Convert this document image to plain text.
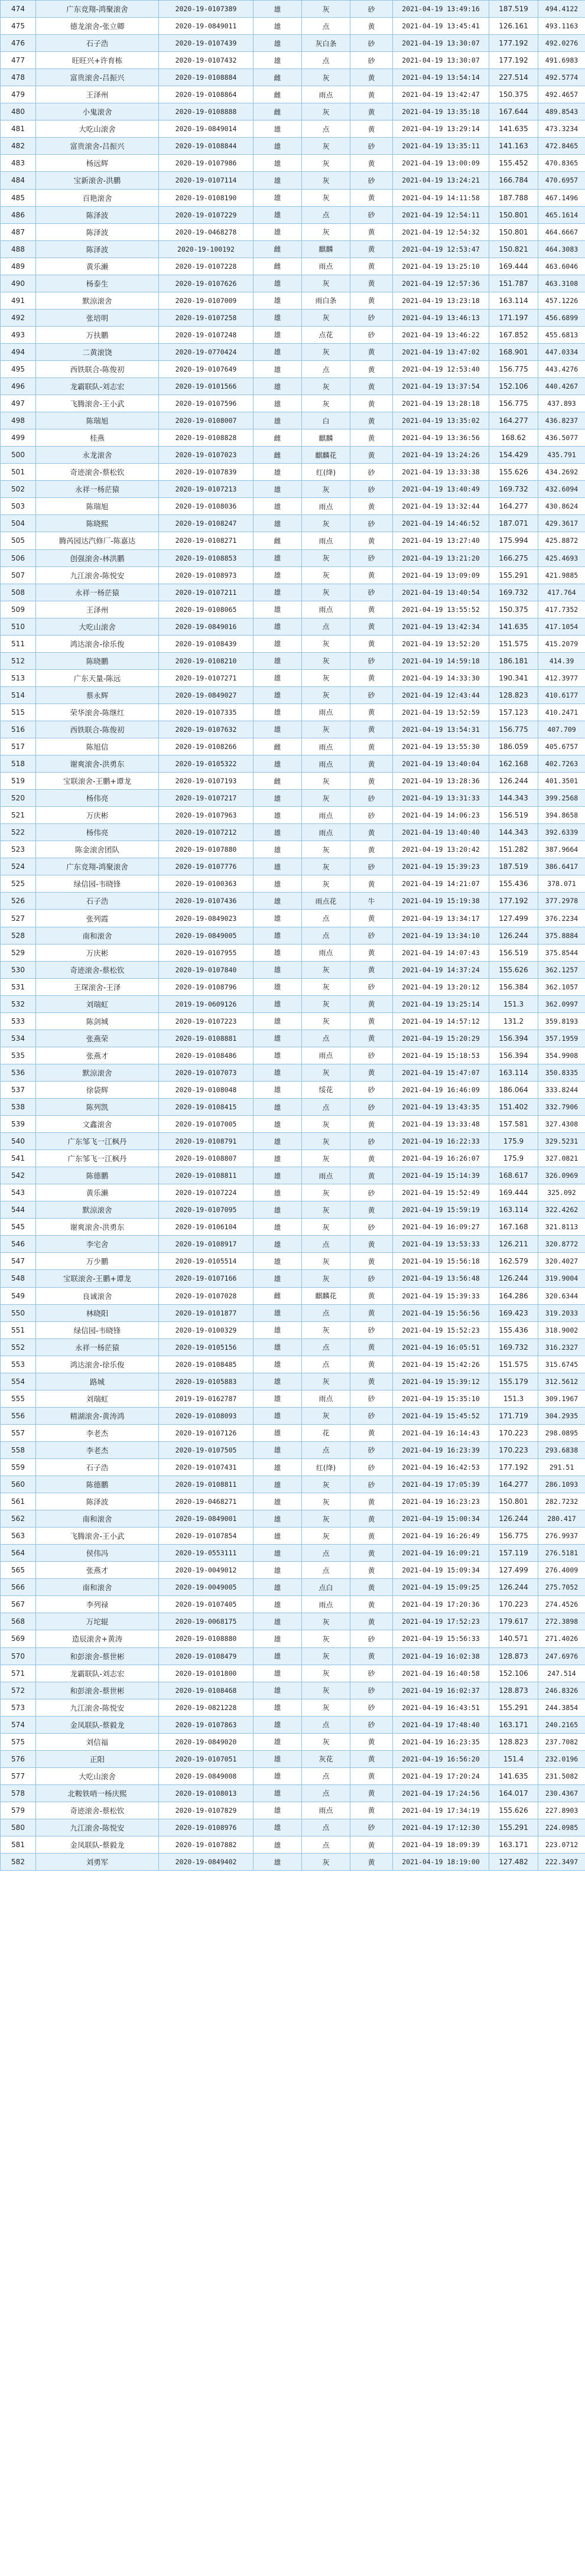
474	广东竞翔-鸿聚滚舍	2020-19-0107389	雄	灰	砂	2021-04-19 13:49:16	187.519	494.4122
475	德龙滚舍-张立卿	2020-19-0849011	雄	点	黄	2021-04-19 13:45:41	126.161	493.1163
476	石子浩	2020-19-0107439	雄	灰白条	砂	2021-04-19 13:30:07	177.192	492.0276
477	旺旺兴+许育栋	2020-19-0107432	雄	点	砂	2021-04-19 13:30:07	177.192	491.6983
478	富贵滚舍-吕振兴	2020-19-0108884	雌	灰	黄	2021-04-19 13:54:14	227.514	492.5774
479	王泽州	2020-19-0108864	雌	雨点	黄	2021-04-19 13:42:47	150.375	492.4657
480	小鬼滚舍	2020-19-0108888	雌	灰	黄	2021-04-19 13:35:18	167.644	489.8543
481	大吃山滚舍	2020-19-0849014	雄	点	黄	2021-04-19 13:29:14	141.635	473.3234
482	富贵滚舍-吕振兴	2020-19-0108844	雄	灰	砂	2021-04-19 13:35:11	141.163	472.8465
483	杨远辉	2020-19-0107986	雄	灰	黄	2021-04-19 13:00:09	155.452	470.8365
484	宝新滚舍-洪鹏	2020-19-0107114	雄	灰	砂	2021-04-19 13:24:21	166.784	470.6957
485	百艳滚舍	2020-19-0108190	雄	灰	黄	2021-04-19 14:11:58	187.788	467.1496
486	陈泽波	2020-19-0107229	雄	点	砂	2021-04-19 12:54:11	150.801	465.1614
487	陈泽波	2020-19-0468278	雄	灰	黄	2021-04-19 12:54:32	150.801	464.6667
488	陈泽波	2020-19-100192	雌	麒麟	黄	2021-04-19 12:53:47	150.821	464.3083
489	黄乐濑	2020-19-0107228	雌	雨点	黄	2021-04-19 13:25:10	169.444	463.6046
490	杨泰生	2020-19-0107626	雄	灰	黄	2021-04-19 12:57:36	151.787	463.3108
491	默涼滚舍	2020-19-0107009	雄	雨白条	黄	2021-04-19 13:23:18	163.114	457.1226
492	张培明	2020-19-0107258	雄	灰	砂	2021-04-19 13:46:13	171.197	456.6899
493	万扶鹏	2020-19-0107248	雄	点花	砂	2021-04-19 13:46:22	167.852	455.6813
494	二黄滚饶	2020-19-0770424	雄	灰	黄	2021-04-19 13:47:02	168.901	447.0334
495	西铁联合-陈俊初	2020-19-0107649	雄	点	黄	2021-04-19 12:53:40	156.775	443.4276
496	龙霸联队-刘志宏	2020-19-0101566	雄	灰	黄	2021-04-19 13:37:54	152.106	440.4267
497	飞腾滚舍-王小武	2020-19-0107596	雄	灰	黄	2021-04-19 13:28:18	156.775	437.893
498	陈瑞旭	2020-19-0108007	雄	白	黄	2021-04-19 13:35:02	164.277	436.8237
499	桂燕	2020-19-0108828	雌	麒麟	黄	2021-04-19 13:36:56	168.62	436.5077
500	永龙滚舍	2020-19-0107023	雌	麒麟花	黄	2021-04-19 13:24:26	154.429	435.791
501	奇迹滚舍-蔡松钦	2020-19-0107839	雄	红(绛)	砂	2021-04-19 13:33:38	155.626	434.2692
502	永祥一杨茫猿	2020-19-0107213	雄	灰	砂	2021-04-19 13:40:49	169.732	432.6094
503	陈瑞旭	2020-19-0108036	雄	雨点	黄	2021-04-19 13:32:44	164.277	430.8624
504	陈晓熙	2020-19-0108247	雄	灰	砂	2021-04-19 14:46:52	187.071	429.3617
505	腾芮园达汽修厂-陈嘉达	2020-19-0108271	雌	雨点	黄	2021-04-19 13:27:40	175.994	425.8872
506	创强滚舍-林洪鹏	2020-19-0108853	雄	灰	砂	2021-04-19 13:21:20	166.275	425.4693
507	九江滚舍-陈悦安	2020-19-0108973	雄	灰	黄	2021-04-19 13:09:09	155.291	421.9885
508	永祥一杨茫猿	2020-19-0107211	雄	灰	砂	2021-04-19 13:40:54	169.732	417.764
509	王泽州	2020-19-0108065	雄	雨点	黄	2021-04-19 13:55:52	150.375	417.7352
510	大吃山滚舍	2020-19-0849016	雄	点	黄	2021-04-19 13:42:34	141.635	417.1054
511	鸿达滚舍-徐乐俊	2020-19-0108439	雄	灰	黄	2021-04-19 13:52:20	151.575	415.2079
512	陈晓鹏	2020-19-0108210	雄	灰	砂	2021-04-19 14:59:18	186.181	414.39
513	广东天量-陈远	2020-19-0107271	雄	灰	黄	2021-04-19 14:33:30	190.341	412.3977
514	蔡永辉	2020-19-0849027	雄	灰	砂	2021-04-19 12:43:44	128.823	410.6177
515	荣华滚舍-陈继红	2020-19-0107335	雄	雨点	黄	2021-04-19 13:52:59	157.123	410.2471
516	西铁联合-陈俊初	2020-19-0107632	雄	灰	黄	2021-04-19 13:54:31	156.775	407.709
517	陈旭信	2020-19-0108266	雌	雨点	黄	2021-04-19 13:55:30	186.059	405.6757
518	谢爽滚舍-洪勇东	2020-19-0105322	雄	雨点	黄	2021-04-19 13:40:04	162.168	402.7263
519	宝联滚舍-王鹏+谭龙	2020-19-0107193	雌	灰	黄	2021-04-19 13:28:36	126.244	401.3501
520	杨伟亮	2020-19-0107217	雄	灰	砂	2021-04-19 13:31:33	144.343	399.2568
521	万庆彬	2020-19-0107963	雄	雨点	砂	2021-04-19 14:06:23	156.519	394.8658
522	杨伟亮	2020-19-0107212	雄	雨点	黄	2021-04-19 13:40:40	144.343	392.6339
523	陈金滚舍团队	2020-19-0107880	雄	灰	黄	2021-04-19 13:20:42	151.282	387.9664
524	广东竞翔-鸿聚滚舍	2020-19-0107776	雄	灰	砂	2021-04-19 15:39:23	187.519	386.6417
525	绿信园-韦晓锋	2020-19-0100363	雄	灰	黄	2021-04-19 14:21:07	155.436	378.071
526	石子浩	2020-19-0107436	雄	雨点花	牛	2021-04-19 15:19:38	177.192	377.2978
527	张列霞	2020-19-0849023	雄	点	黄	2021-04-19 13:34:17	127.499	376.2234
528	南和滚舍	2020-19-0849005	雄	点	砂	2021-04-19 13:34:10	126.244	375.8884
529	万庆彬	2020-19-0107955	雄	雨点	黄	2021-04-19 14:07:43	156.519	375.8544
530	奇迹滚舍-蔡松钦	2020-19-0107840	雄	灰	黄	2021-04-19 14:37:24	155.626	362.1257
531	王琛滚舍-王泽	2020-19-0108796	雄	灰	砂	2021-04-19 13:20:12	156.384	362.1057
532	刘瑞虹	2019-19-0609126	雄	灰	黄	2021-04-19 13:25:14	151.3	362.0997
533	陈剑城	2020-19-0107223	雄	灰	黄	2021-04-19 14:57:12	131.2	359.8193
534	张燕荣	2020-19-0108881	雄	点	黄	2021-04-19 15:20:29	156.394	357.1959
535	张燕才	2020-19-0108486	雄	雨点	砂	2021-04-19 15:18:53	156.394	354.9908
536	默涼滚舍	2020-19-0107073	雄	灰	黄	2021-04-19 15:47:07	163.114	350.8335
537	徐袋辉	2020-19-0108048	雄	绥花	砂	2021-04-19 16:46:09	186.064	333.8244
538	陈列凯	2020-19-0108415	雄	点	砂	2021-04-19 13:43:35	151.402	332.7906
539	文鑫滚舍	2020-19-0107005	雄	灰	黄	2021-04-19 13:33:48	157.581	327.4308
540	广东邹飞一江枫丹	2020-19-0108791	雄	灰	砂	2021-04-19 16:22:33	175.9	329.5231
541	广东邹飞一江枫丹	2020-19-0108807	雄	灰	黄	2021-04-19 16:26:07	175.9	327.0821
542	陈德鹏	2020-19-0108811	雄	雨点	黄	2021-04-19 15:14:39	168.617	326.0969
543	黄乐濑	2020-19-0107224	雄	灰	砂	2021-04-19 15:52:49	169.444	325.092
544	默涼滚舍	2020-19-0107095	雄	灰	黄	2021-04-19 15:59:19	163.114	322.4262
545	谢爽滚舍-洪勇东	2020-19-0106104	雄	灰	砂	2021-04-19 16:09:27	167.168	321.8113
546	李宅舍	2020-19-0108917	雄	点	黄	2021-04-19 13:53:33	126.211	320.8772
547	万少鹏	2020-19-0105514	雄	灰	黄	2021-04-19 15:56:18	162.579	320.4027
548	宝联滚舍-王鹏+谭龙	2020-19-0107166	雄	灰	砂	2021-04-19 13:56:48	126.244	319.9004
549	良诚滚舍	2020-19-0107028	雌	麒麟花	黄	2021-04-19 15:39:33	164.286	320.6344
550	林晓阳	2020-19-0101877	雄	点	黄	2021-04-19 15:56:56	169.423	319.2033
551	绿信园-韦晓锋	2020-19-0100329	雄	灰	砂	2021-04-19 15:52:23	155.436	318.9002
552	永祥一杨茫猿	2020-19-0105156	雄	点	黄	2021-04-19 16:05:51	169.732	316.2327
553	鸿达滚舍-徐乐俊	2020-19-0108485	雄	点	黄	2021-04-19 15:42:26	151.575	315.6745
554	路城	2020-19-0105883	雄	灰	黄	2021-04-19 15:39:12	155.179	312.5612
555	刘瑞虹	2019-19-0162787	雄	雨点	砂	2021-04-19 15:35:10	151.3	309.1967
556	精湖滚舍-黄涛鸿	2020-19-0108093	雄	灰	砂	2021-04-19 15:45:52	171.719	304.2935
557	李老杰	2020-19-0107126	雄	花	黄	2021-04-19 16:14:43	170.223	298.0895
558	李老杰	2020-19-0107505	雄	点	砂	2021-04-19 16:23:39	170.223	293.6838
559	石子浩	2020-19-0107431	雄	红(绛)	砂	2021-04-19 16:42:53	177.192	291.51
560	陈德鹏	2020-19-0108811	雄	灰	砂	2021-04-19 17:05:39	164.277	286.1093
561	陈泽波	2020-19-0468271	雄	灰	黄	2021-04-19 16:23:23	150.801	282.7232
562	南和滚舍	2020-19-0849001	雄	灰	黄	2021-04-19 15:00:34	126.244	280.417
563	飞腾滚舍-王小武	2020-19-0107854	雄	灰	黄	2021-04-19 16:26:49	156.775	276.9937
564	侯伟冯	2020-19-0553111	雄	点	黄	2021-04-19 16:09:21	157.119	276.5181
565	张燕才	2020-19-0049012	雄	点	黄	2021-04-19 15:09:34	127.499	276.4009
566	南和滚舍	2020-19-0049005	雄	点白	黄	2021-04-19 15:09:25	126.244	275.7052
567	李列禄	2020-19-0107405	雄	雨点	黄	2021-04-19 17:20:36	170.223	274.4526
568	万坨辊	2020-19-0068175	雄	灰	黄	2021-04-19 17:52:23	179.617	272.3898
569	造辰滚舍+黄涛	2020-19-0108880	雄	灰	砂	2021-04-19 15:56:33	140.571	271.4026
570	和彭滚舍-蔡世彬	2020-19-0108479	雄	灰	黄	2021-04-19 16:02:38	128.873	247.6976
571	龙霸联队-刘志宏	2020-19-0101800	雄	灰	砂	2021-04-19 16:40:58	152.106	247.514
572	和彭滚舍-蔡世彬	2020-19-0108468	雄	灰	砂	2021-04-19 16:02:37	128.873	246.8326
573	九江滚舍-陈悦安	2020-19-0821228	雄	灰	砂	2021-04-19 16:43:51	155.291	244.3854
574	金凤联队-蔡毅龙	2020-19-0107863	雄	点	砂	2021-04-19 17:48:40	163.171	240.2165
575	刘信福	2020-19-0849020	雄	灰	黄	2021-04-19 16:23:35	128.823	237.7082
576	正阳	2020-19-0107051	雄	灰花	黄	2021-04-19 16:56:20	151.4	232.0196
577	大吃山滚舍	2020-19-0849008	雄	点	黄	2021-04-19 17:20:24	141.635	231.5082
578	北鞍铁哨一杨庆熙	2020-19-0108013	雄	点	黄	2021-04-19 17:24:56	164.017	230.4367
579	奇迹滚舍-蔡松钦	2020-19-0107829	雄	雨点	黄	2021-04-19 17:34:19	155.626	227.8903
580	九江滚舍-陈悦安	2020-19-0108976	雄	点	砂	2021-04-19 17:12:30	155.291	224.0985
581	金凤联队-蔡毅龙	2020-19-0107882	雄	点	黄	2021-04-19 18:09:39	163.171	223.0712
582	刘勇军	2020-19-0849402	雄	灰	黄	2021-04-19 18:19:00	127.482	222.3497
